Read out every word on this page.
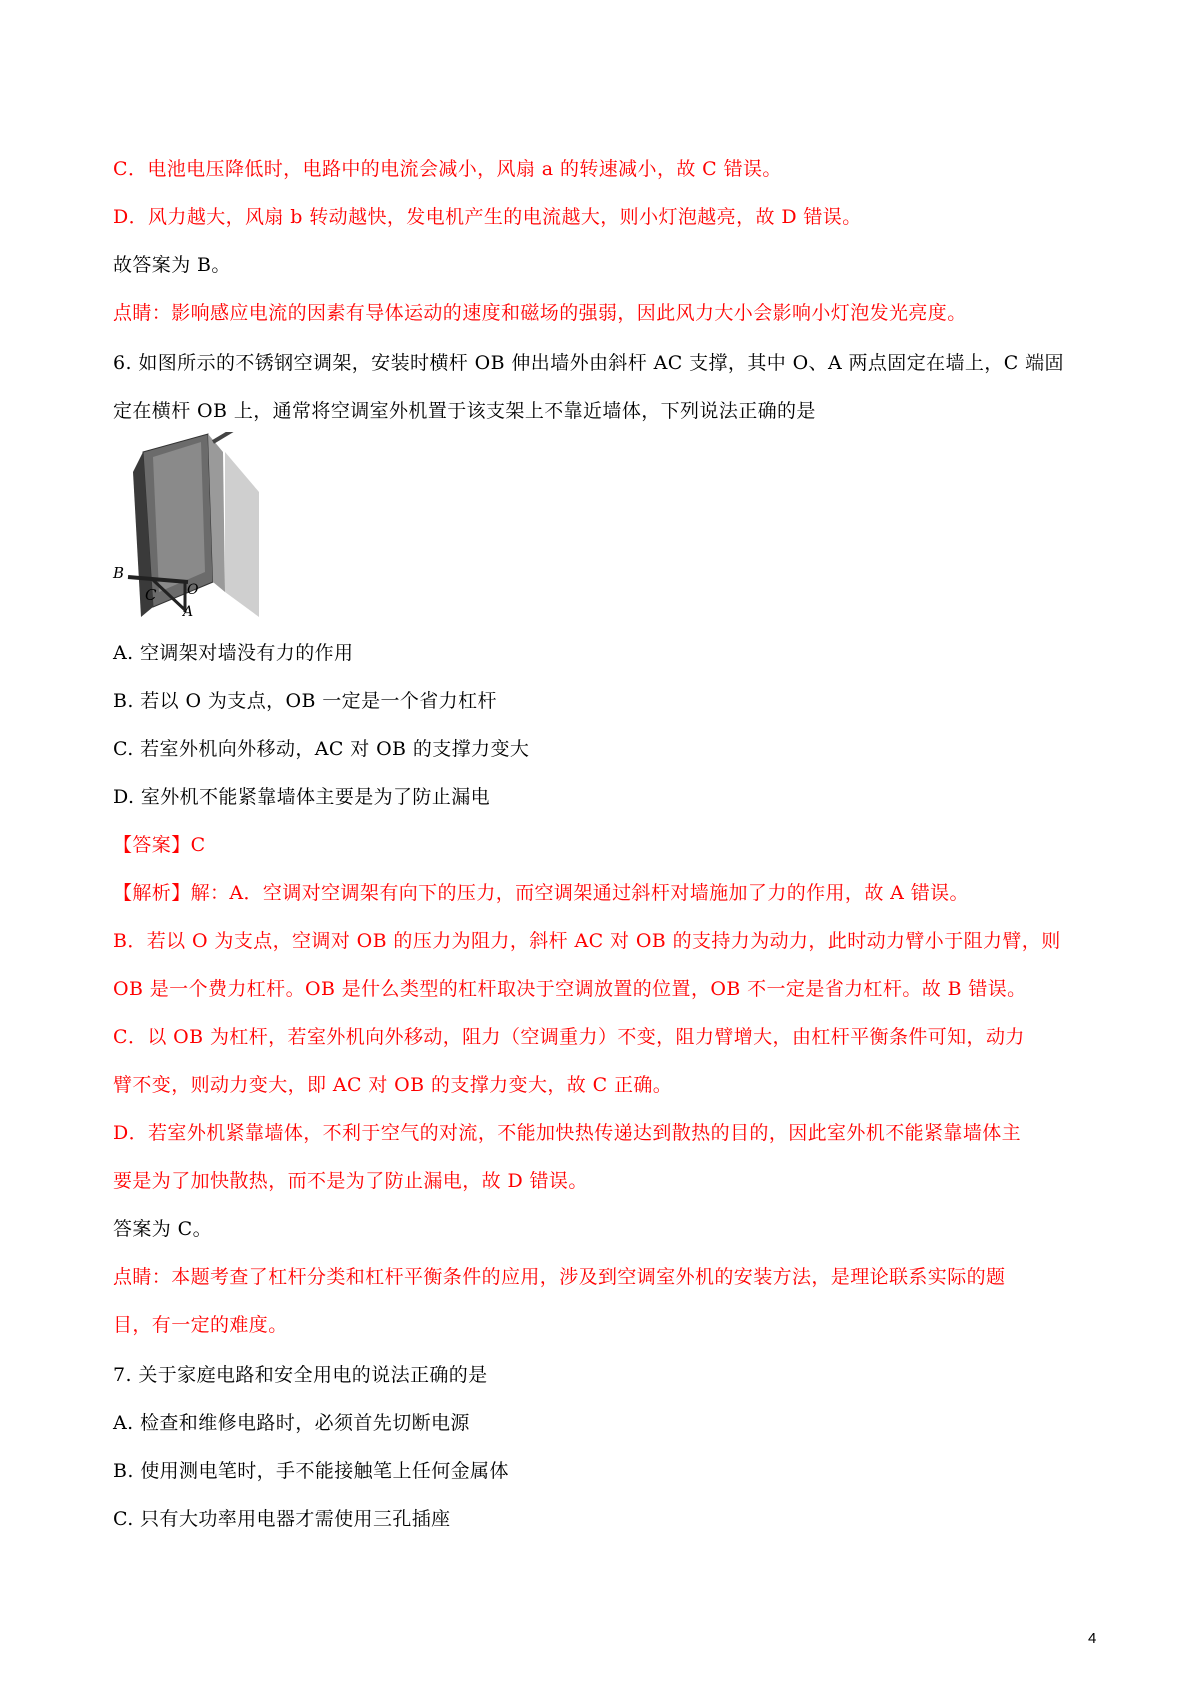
C．电池电压降低时，电路中的电流会减小，风扇 a 的转速减小，故 C 错误。
D．风力越大，风扇 b 转动越快，发电机产生的电流越大，则小灯泡越亮，故 D 错误。
故答案为 B。
点睛：影响感应电流的因素有导体运动的速度和磁场的强弱，因此风力大小会影响小灯泡发光亮度。
6. 如图所示的不锈钢空调架，安装时横杆 OB 伸出墙外由斜杆 AC 支撑，其中 O、A 两点固定在墙上，C 端固
定在横杆 OB 上，通常将空调室外机置于该支架上不靠近墙体，下列说法正确的是
B
C O
A
A. 空调架对墙没有力的作用
B. 若以 O 为支点，OB 一定是一个省力杠杆
C. 若室外机向外移动，AC 对 OB 的支撑力变大
D. 室外机不能紧靠墙体主要是为了防止漏电
【答案】C
【解析】解：A．空调对空调架有向下的压力，而空调架通过斜杆对墙施加了力的作用，故 A 错误。
B．若以 O 为支点，空调对 OB 的压力为阻力，斜杆 AC 对 OB 的支持力为动力，此时动力臂小于阻力臂，则
OB 是一个费力杠杆。OB 是什么类型的杠杆取决于空调放置的位置，OB 不一定是省力杠杆。故 B 错误。
C．以 OB 为杠杆，若室外机向外移动，阻力（空调重力）不变，阻力臂增大，由杠杆平衡条件可知，动力
臂不变，则动力变大，即 AC 对 OB 的支撑力变大，故 C 正确。
D．若室外机紧靠墙体，不利于空气的对流，不能加快热传递达到散热的目的，因此室外机不能紧靠墙体主
要是为了加快散热，而不是为了防止漏电，故 D 错误。
答案为 C。
点睛：本题考查了杠杆分类和杠杆平衡条件的应用，涉及到空调室外机的安装方法，是理论联系实际的题
目，有一定的难度。
7. 关于家庭电路和安全用电的说法正确的是
A. 检查和维修电路时，必须首先切断电源
B. 使用测电笔时，手不能接触笔上任何金属体
C. 只有大功率用电器才需使用三孔插座
4
